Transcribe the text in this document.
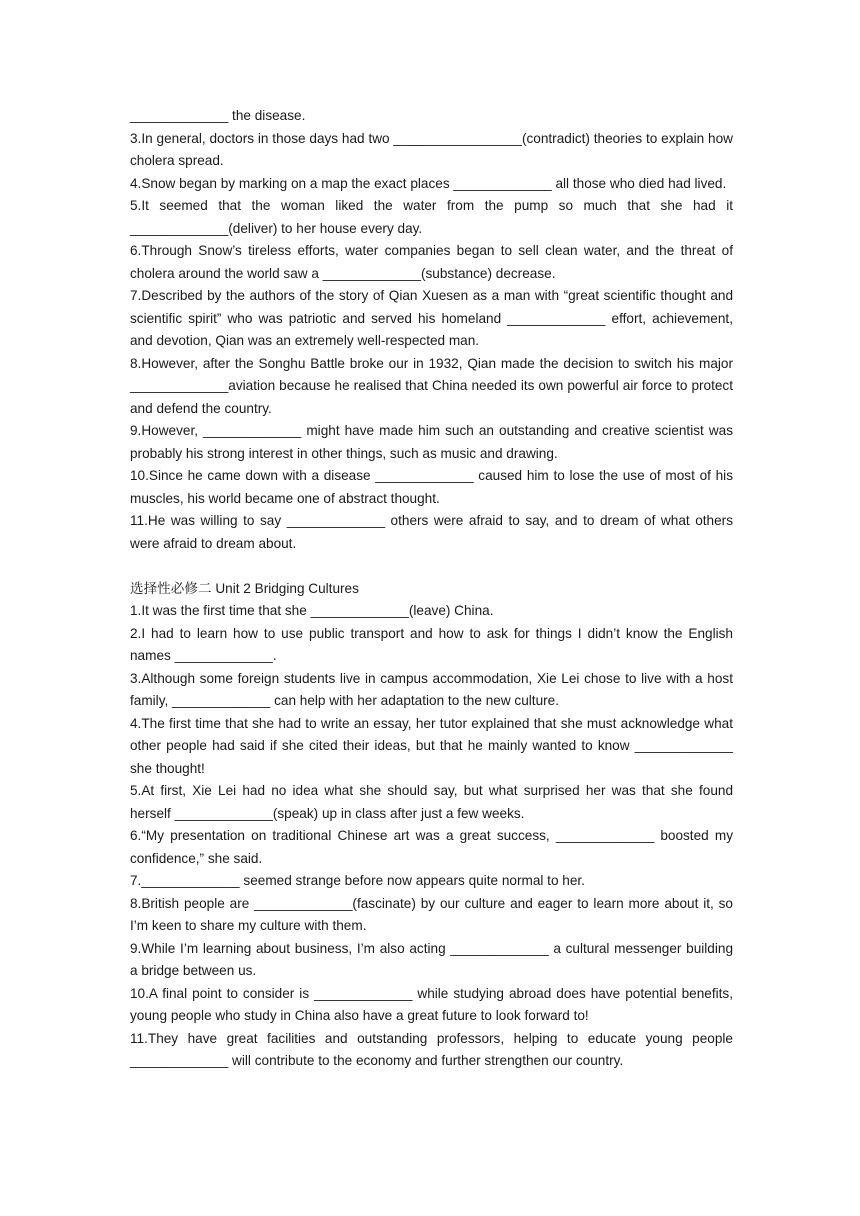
_____________ the disease.

3.In general, doctors in those days had two _________________(contradict) theories to explain how cholera spread.

4.Snow began by marking on a map the exact places _____________ all those who died had lived.

5.It seemed that the woman liked the water from the pump so much that she had it _____________(deliver) to her house every day.

6.Through Snow’s tireless efforts, water companies began to sell clean water, and the threat of cholera around the world saw a _____________(substance) decrease.

7.Described by the authors of the story of Qian Xuesen as a man with “great scientific thought and scientific spirit” who was patriotic and served his homeland _____________ effort, achievement, and devotion, Qian was an extremely well-respected man.

8.However, after the Songhu Battle broke our in 1932, Qian made the decision to switch his major _____________aviation because he realised that China needed its own powerful air force to protect and defend the country.

9.However, _____________ might have made him such an outstanding and creative scientist was probably his strong interest in other things, such as music and drawing.

10.Since he came down with a disease _____________ caused him to lose the use of most of his muscles, his world became one of abstract thought.

11.He was willing to say _____________ others were afraid to say, and to dream of what others were afraid to dream about.

选择性必修二 Unit 2 Bridging Cultures

1.It was the first time that she _____________(leave) China.

2.I had to learn how to use public transport and how to ask for things I didn’t know the English names _____________.

3.Although some foreign students live in campus accommodation, Xie Lei chose to live with a host family, _____________ can help with her adaptation to the new culture.

4.The first time that she had to write an essay, her tutor explained that she must acknowledge what other people had said if she cited their ideas, but that he mainly wanted to know _____________ she thought!

5.At first, Xie Lei had no idea what she should say, but what surprised her was that she found herself _____________(speak) up in class after just a few weeks.

6.“My presentation on traditional Chinese art was a great success, _____________ boosted my confidence,” she said.

7._____________ seemed strange before now appears quite normal to her.

8.British people are _____________(fascinate) by our culture and eager to learn more about it, so I’m keen to share my culture with them.

9.While I’m learning about business, I’m also acting _____________ a cultural messenger building a bridge between us.

10.A final point to consider is _____________ while studying abroad does have potential benefits, young people who study in China also have a great future to look forward to!

11.They have great facilities and outstanding professors, helping to educate young people _____________ will contribute to the economy and further strengthen our country.
